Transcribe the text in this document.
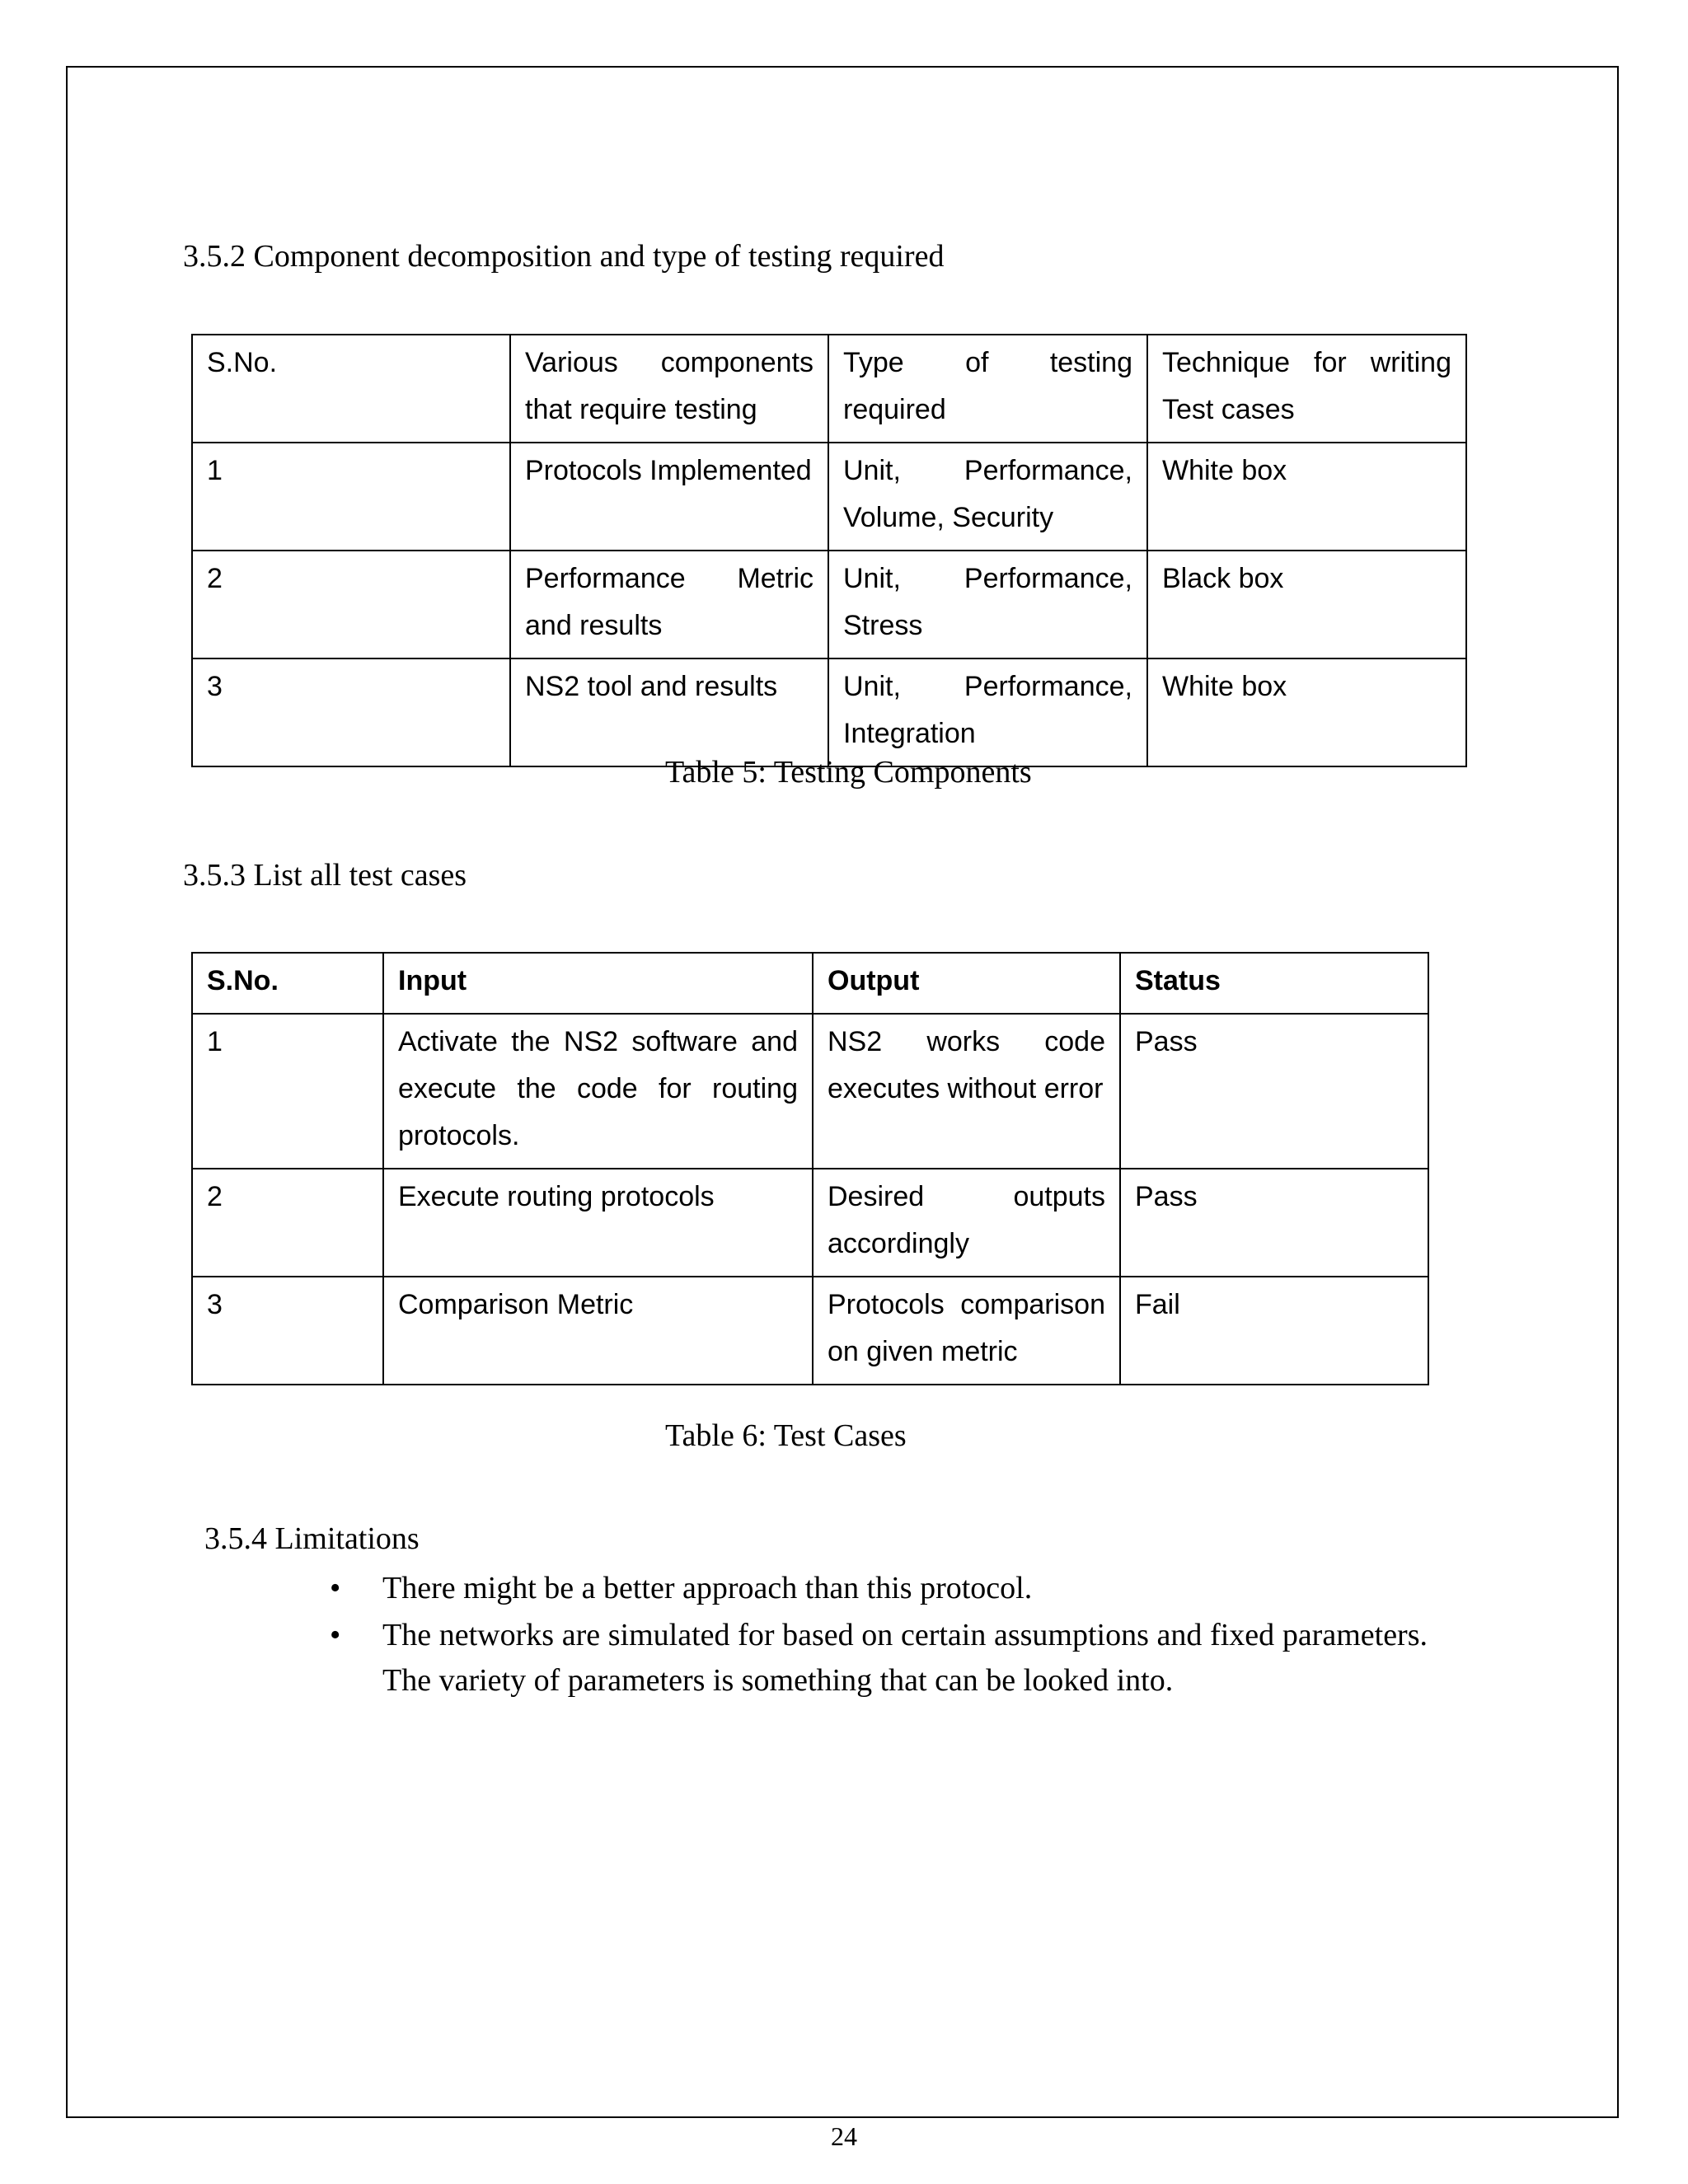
3.5.2 Component decomposition and type of testing required
S.No.	Various components that require testing	Type of testing required	Technique for writing Test cases
1	Protocols Implemented	Unit, Performance, Volume, Security	White box
2	Performance Metric and results	Unit, Performance, Stress	Black box
3	NS2 tool and results	Unit, Performance, Integration	White box
Table 5: Testing Components
3.5.3 List all test cases
S.No.	Input	Output	Status
1	Activate the NS2 software and execute the code for routing protocols.	NS2 works code executes without error	Pass
2	Execute routing protocols	Desired outputs accordingly	Pass
3	Comparison Metric	Protocols comparison on given metric	Fail
Table 6: Test Cases
3.5.4 Limitations
• There might be a better approach than this protocol.
• The networks are simulated for based on certain assumptions and fixed parameters. The variety of parameters is something that can be looked into.
24
